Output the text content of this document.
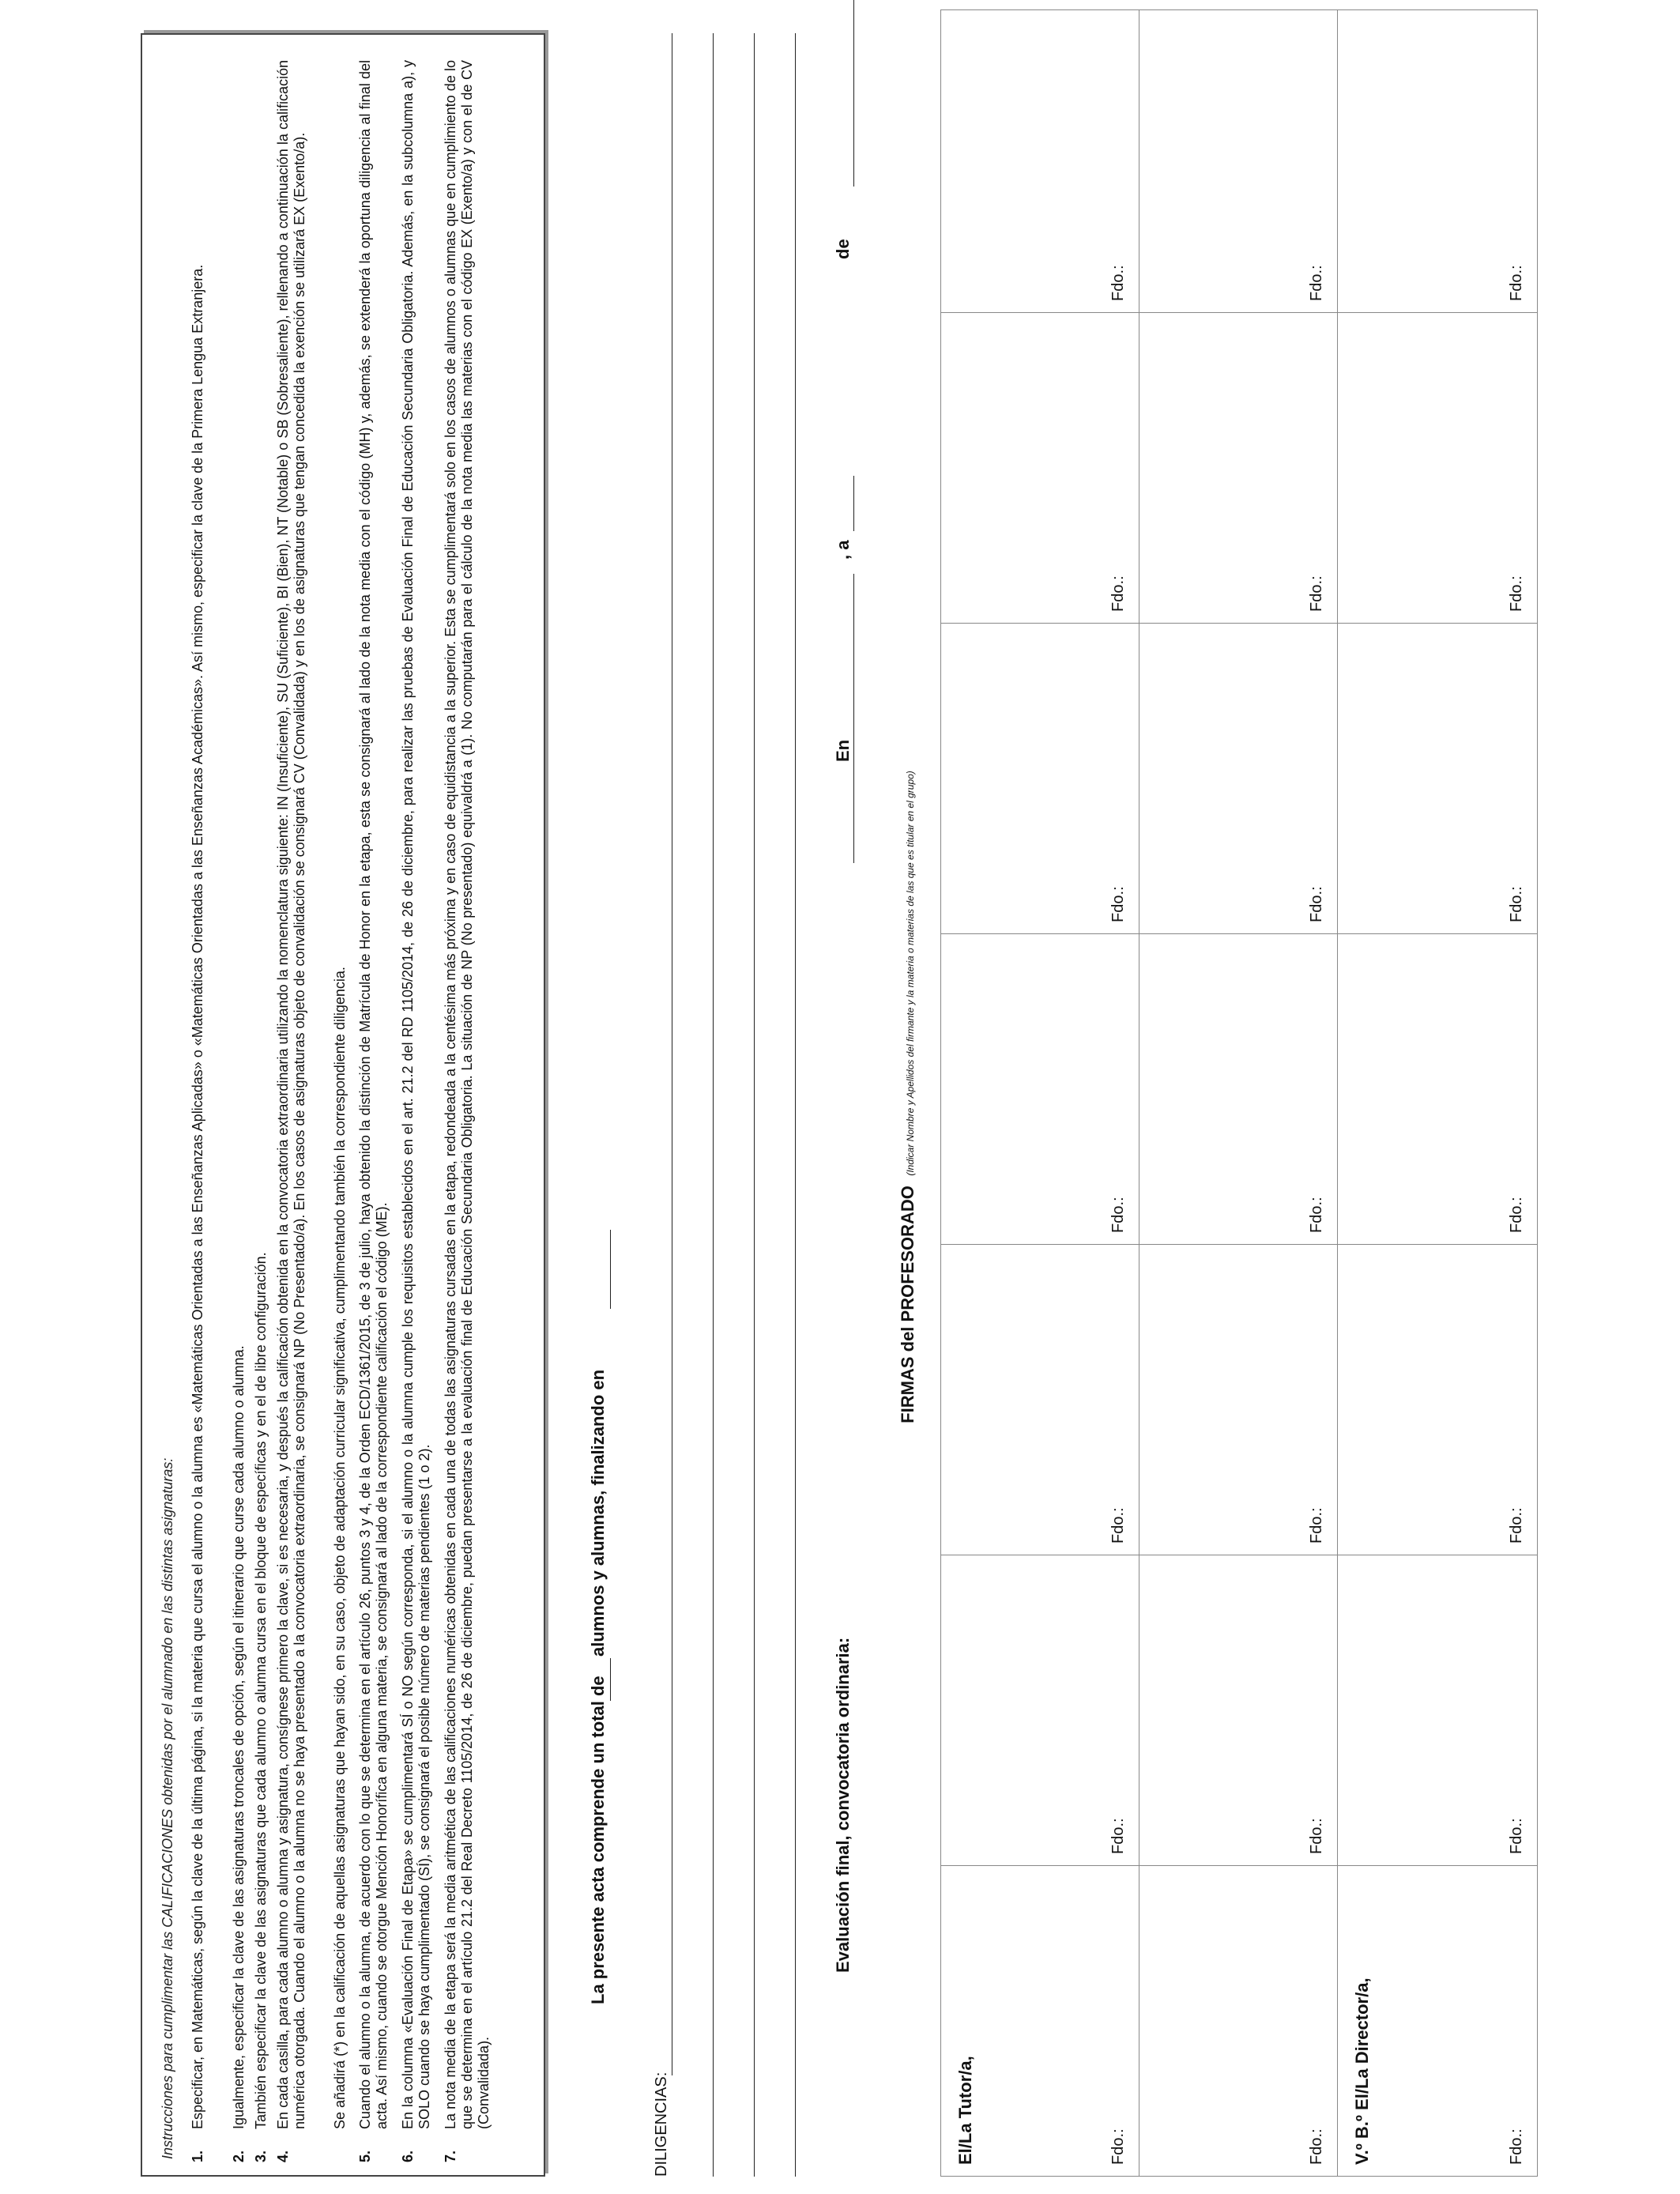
Instrucciones para cumplimentar las CALIFICACIONES obtenidas por el alumnado en las distintas asignaturas: 1.
Especificar, en Matemáticas, según la clave de la última página, si la materia que cursa el alumno o la alumna es «Matemáticas Orientadas a las Enseñanzas Aplicadas» o «Matemáticas Orientadas a las Enseñanzas Académicas». Así mismo, especificar la clave de la Primera Lengua Extranjera.
2.
Igualmente, especificar la clave de las asignaturas troncales de opción, según el itinerario que curse cada alumno o alumna.
3.
También especificar la clave de las asignaturas que cada alumno o alumna cursa en el bloque de específicas y en el de libre configuración.
4.
En cada casilla, para cada alumno o alumna y asignatura, consígnese primero la clave, si es necesaria, y después la calificación obtenida en la convocatoria extraordinaria utilizando la nomenclatura siguiente: IN (Insuficiente), SU (Suficiente), BI (Bien), NT (Notable) o SB (Sobresaliente), rellenando a continuación la calificación numérica otorgada. Cuando el alumno o la alumna no se haya presentado a la convocatoria extraordinaria, se consignará NP (No Presentado/a). En los casos de asignaturas objeto de convalidación se consignará CV (Convalidada) y en los de asignaturas que tengan concedida la exención se utilizará EX (Exento/a). Se añadirá (*) en la calificación de aquellas asignaturas que hayan sido, en su caso, objeto de adaptación curricular significativa, cumplimentando también la correspondiente diligencia.
5.
Cuando el alumno o la alumna, de acuerdo con lo que se determina en el artículo 26, puntos 3 y 4, de la Orden ECD/1361/2015, de 3 de julio, haya obtenido la distinción de Matrícula de Honor en la etapa, esta se consignará al lado de la nota media con el código (MH) y, además, se extenderá la oportuna diligencia al final del acta. Así mismo, cuando se otorgue Mención Honorífica en alguna materia, se consignará al lado de la correspondiente calificación el código (ME).
6.
En la columna «Evaluación Final de Etapa» se cumplimentará SÍ o NO según corresponda, si el alumno o la alumna cumple los requisitos establecidos en el art. 21.2 del RD 1105/2014, de 26 de diciembre, para realizar las pruebas de Evaluación Final de Educación Secundaria Obligatoria. Además, en la subcolumna a), y SOLO cuando se haya cumplimentado (SÍ), se consignará el posible número de materias pendientes (1 o 2).
7.
La nota media de la etapa será la media aritmética de las calificaciones numéricas obtenidas en cada una de todas las asignaturas cursadas en la etapa, redondeada a la centésima más próxima y en caso de equidistancia a la superior. Esta se cumplimentará solo en los casos de alumnos o alumnas que en cumplimiento de lo que se determina en el artículo 21.2 del Real Decreto 1105/2014, de 26 de diciembre, puedan presentarse a la evaluación final de Educación Secundaria Obligatoria. La situación de NP (No presentado) equivaldrá a (1). No computarán para el cálculo de la nota media las materias con el código EX (Exento/a) y con el de CV (Convalidada).
La presente acta comprende un total de
alumnos y alumnas, finalizando en
DILIGENCIAS:
Evaluación final, convocatoria ordinaria:
En
, a
de
FIRMAS del PROFESORADO (Indicar Nombre y Apellidos del firmante y la materia o materias de las que es titular en el grupo)
El/La Tutor/a,	Fdo.:
Fdo.:
Fdo.:
Fdo.:
Fdo.:
Fdo.:
Fdo.:
Fdo.:
Fdo.:
Fdo.:
Fdo.:
Fdo.:
Fdo.:
Fdo.:
V.º B.º El/La Director/a,	Fdo.:
Fdo.:
Fdo.:
Fdo.:
Fdo.:
Fdo.:
Fdo.:
